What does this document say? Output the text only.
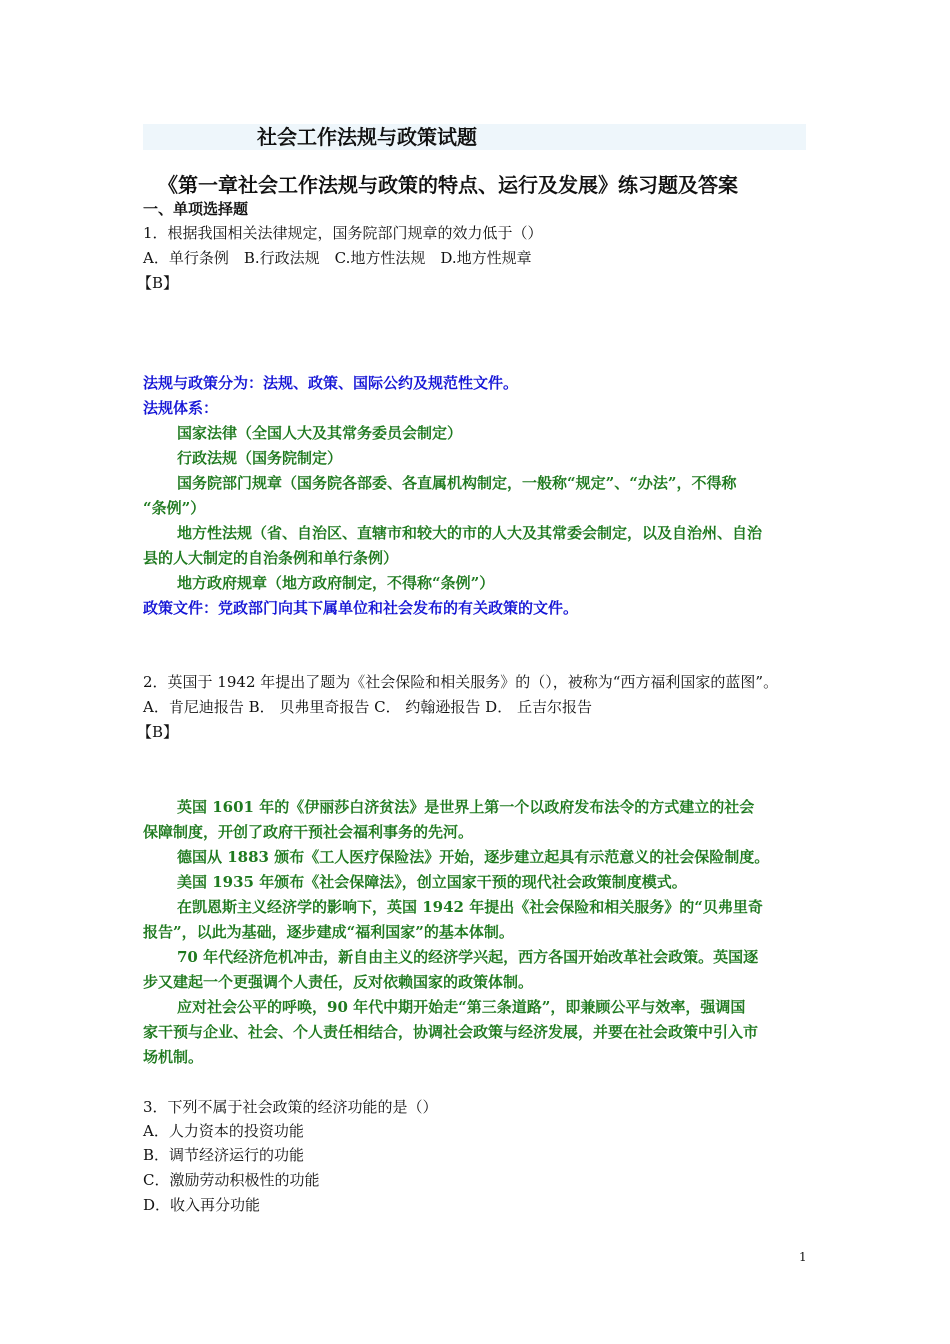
社会工作法规与政策试题
《第一章社会工作法规与政策的特点、运行及发展》练习题及答案
一、单项选择题
1．根据我国相关法律规定，国务院部门规章的效力低于（）
A．单行条例　B.行政法规　C.地方性法规　D.地方性规章
【B】
法规与政策分为：法规、政策、国际公约及规范性文件。
法规体系：
国家法律（全国人大及其常务委员会制定）
行政法规（国务院制定）
国务院部门规章（国务院各部委、各直属机构制定，一般称“规定”、“办法”，不得称
“条例”）
地方性法规（省、自治区、直辖市和较大的市的人大及其常委会制定，以及自治州、自治
县的人大制定的自治条例和单行条例）
地方政府规章（地方政府制定，不得称“条例”）
政策文件：党政部门向其下属单位和社会发布的有关政策的文件。
2．英国于 1942 年提出了题为《社会保险和相关服务》的（），被称为“西方福利国家的蓝图”。
A．肯尼迪报告 B． 贝弗里奇报告 C． 约翰逊报告 D． 丘吉尔报告
【B】
英国 1601 年的《伊丽莎白济贫法》是世界上第一个以政府发布法令的方式建立的社会
保障制度，开创了政府干预社会福利事务的先河。
德国从 1883 颁布《工人医疗保险法》开始，逐步建立起具有示范意义的社会保险制度。
美国 1935 年颁布《社会保障法》，创立国家干预的现代社会政策制度模式。
在凯恩斯主义经济学的影响下，英国 1942 年提出《社会保险和相关服务》的“贝弗里奇
报告”，以此为基础，逐步建成“福利国家”的基本体制。
70 年代经济危机冲击，新自由主义的经济学兴起，西方各国开始改革社会政策。英国逐
步又建起一个更强调个人责任，反对依赖国家的政策体制。
应对社会公平的呼唤，90 年代中期开始走“第三条道路”，即兼顾公平与效率，强调国
家干预与企业、社会、个人责任相结合，协调社会政策与经济发展，并要在社会政策中引入市
场机制。
3．下列不属于社会政策的经济功能的是（）
A．人力资本的投资功能
B．调节经济运行的功能
C．激励劳动积极性的功能
D．收入再分功能
1
